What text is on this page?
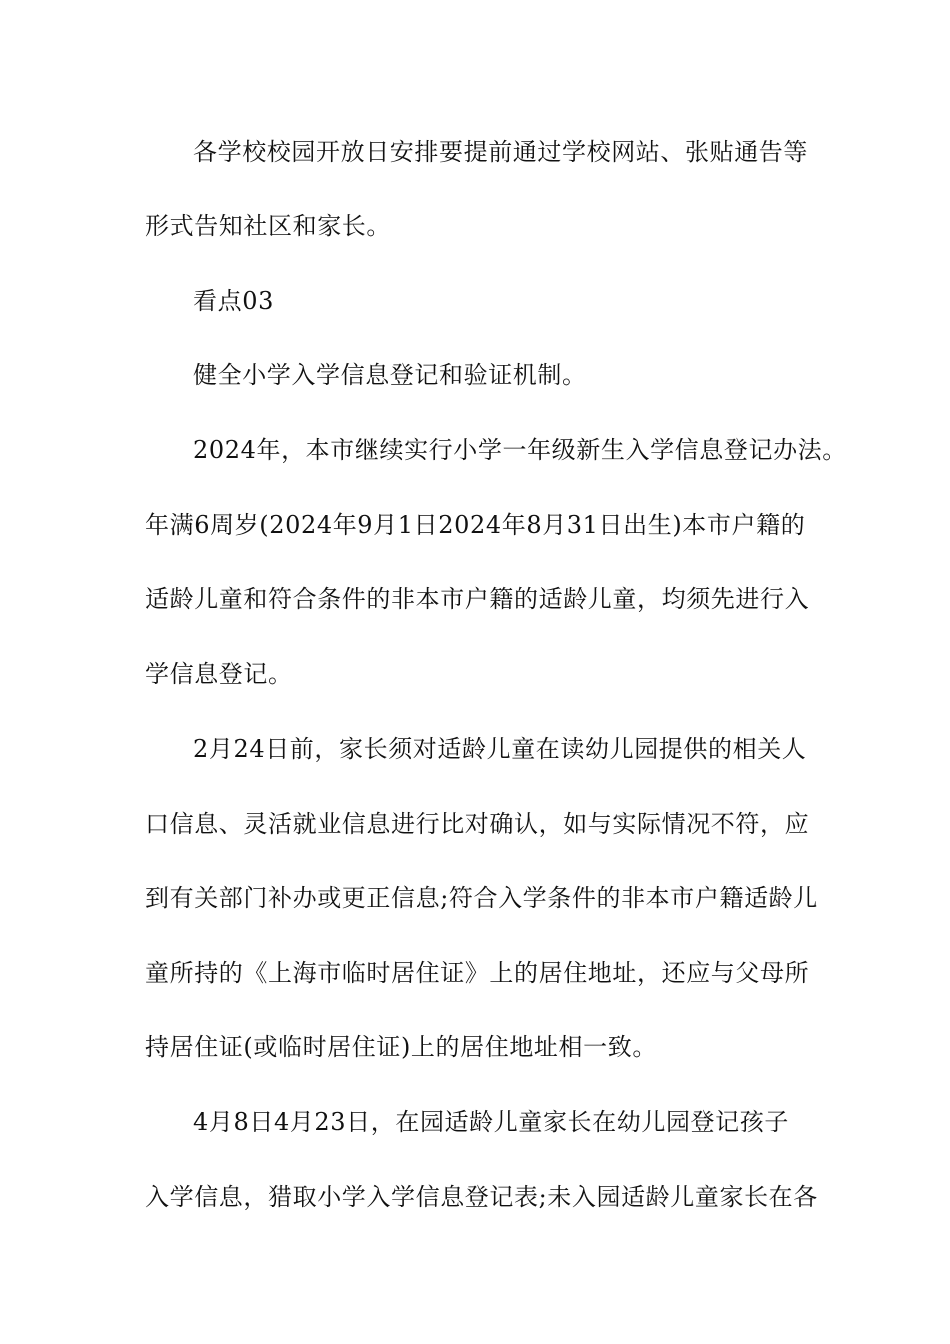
各学校校园开放日安排要提前通过学校网站、张贴通告等
形式告知社区和家长。
看点03
健全小学入学信息登记和验证机制。
2024年，本市继续实行小学一年级新生入学信息登记办法。
年满6周岁(2024年9月1日2024年8月31日出生)本市户籍的
适龄儿童和符合条件的非本市户籍的适龄儿童，均须先进行入
学信息登记。
2月24日前，家长须对适龄儿童在读幼儿园提供的相关人
口信息、灵活就业信息进行比对确认，如与实际情况不符，应
到有关部门补办或更正信息;符合入学条件的非本市户籍适龄儿
童所持的《上海市临时居住证》上的居住地址，还应与父母所
持居住证(或临时居住证)上的居住地址相一致。
4月8日4月23日，在园适龄儿童家长在幼儿园登记孩子
入学信息，猎取小学入学信息登记表;未入园适龄儿童家长在各
